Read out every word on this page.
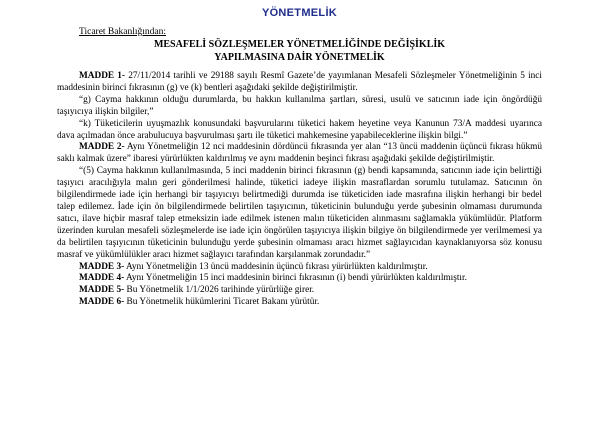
YÖNETMELİK
Ticaret Bakanlığından:
MESAFELİ SÖZLEŞMELER YÖNETMELİĞİNDE DEĞİŞİKLİK
YAPILMASINA DAİR YÖNETMELİK

MADDE 1- 27/11/2014 tarihli ve 29188 sayılı Resmî Gazete’de yayımlanan Mesafeli Sözleşmeler Yönetmeliğinin 5 inci maddesinin birinci fıkrasının (g) ve (k) bentleri aşağıdaki şekilde değiştirilmiştir.

“g) Cayma hakkının olduğu durumlarda, bu hakkın kullanılma şartları, süresi, usulü ve satıcının iade için öngördüğü taşıyıcıya ilişkin bilgiler,”

“k) Tüketicilerin uyuşmazlık konusundaki başvurularını tüketici hakem heyetine veya Kanunun 73/A maddesi uyarınca dava açılmadan önce arabulucuya başvurulması şartı ile tüketici mahkemesine yapabileceklerine ilişkin bilgi.”

MADDE 2- Aynı Yönetmeliğin 12 nci maddesinin dördüncü fıkrasında yer alan “13 üncü maddenin üçüncü fıkrası hükmü saklı kalmak üzere” ibaresi yürürlükten kaldırılmış ve aynı maddenin beşinci fıkrası aşağıdaki şekilde değiştirilmiştir.

“(5) Cayma hakkının kullanılmasında, 5 inci maddenin birinci fıkrasının (g) bendi kapsamında, satıcının iade için belirttiği taşıyıcı aracılığıyla malın geri gönderilmesi halinde, tüketici iadeye ilişkin masraflardan sorumlu tutulamaz. Satıcının ön bilgilendirmede iade için herhangi bir taşıyıcıyı belirtmediği durumda ise tüketiciden iade masrafına ilişkin herhangi bir bedel talep edilemez. İade için ön bilgilendirmede belirtilen taşıyıcının, tüketicinin bulunduğu yerde şubesinin olmaması durumunda satıcı, ilave hiçbir masraf talep etmeksizin iade edilmek istenen malın tüketiciden alınmasını sağlamakla yükümlüdür. Platform üzerinden kurulan mesafeli sözleşmelerde ise iade için öngörülen taşıyıcıya ilişkin bilgiye ön bilgilendirmede yer verilmemesi ya da belirtilen taşıyıcının tüketicinin bulunduğu yerde şubesinin olmaması aracı hizmet sağlayıcıdan kaynaklanıyorsa söz konusu masraf ve yükümlülükler aracı hizmet sağlayıcı tarafından karşılanmak zorundadır.”

MADDE 3- Aynı Yönetmeliğin 13 üncü maddesinin üçüncü fıkrası yürürlükten kaldırılmıştır.

MADDE 4- Aynı Yönetmeliğin 15 inci maddesinin birinci fıkrasının (i) bendi yürürlükten kaldırılmıştır.

MADDE 5- Bu Yönetmelik 1/1/2026 tarihinde yürürlüğe girer.

MADDE 6- Bu Yönetmelik hükümlerini Ticaret Bakanı yürütür.
